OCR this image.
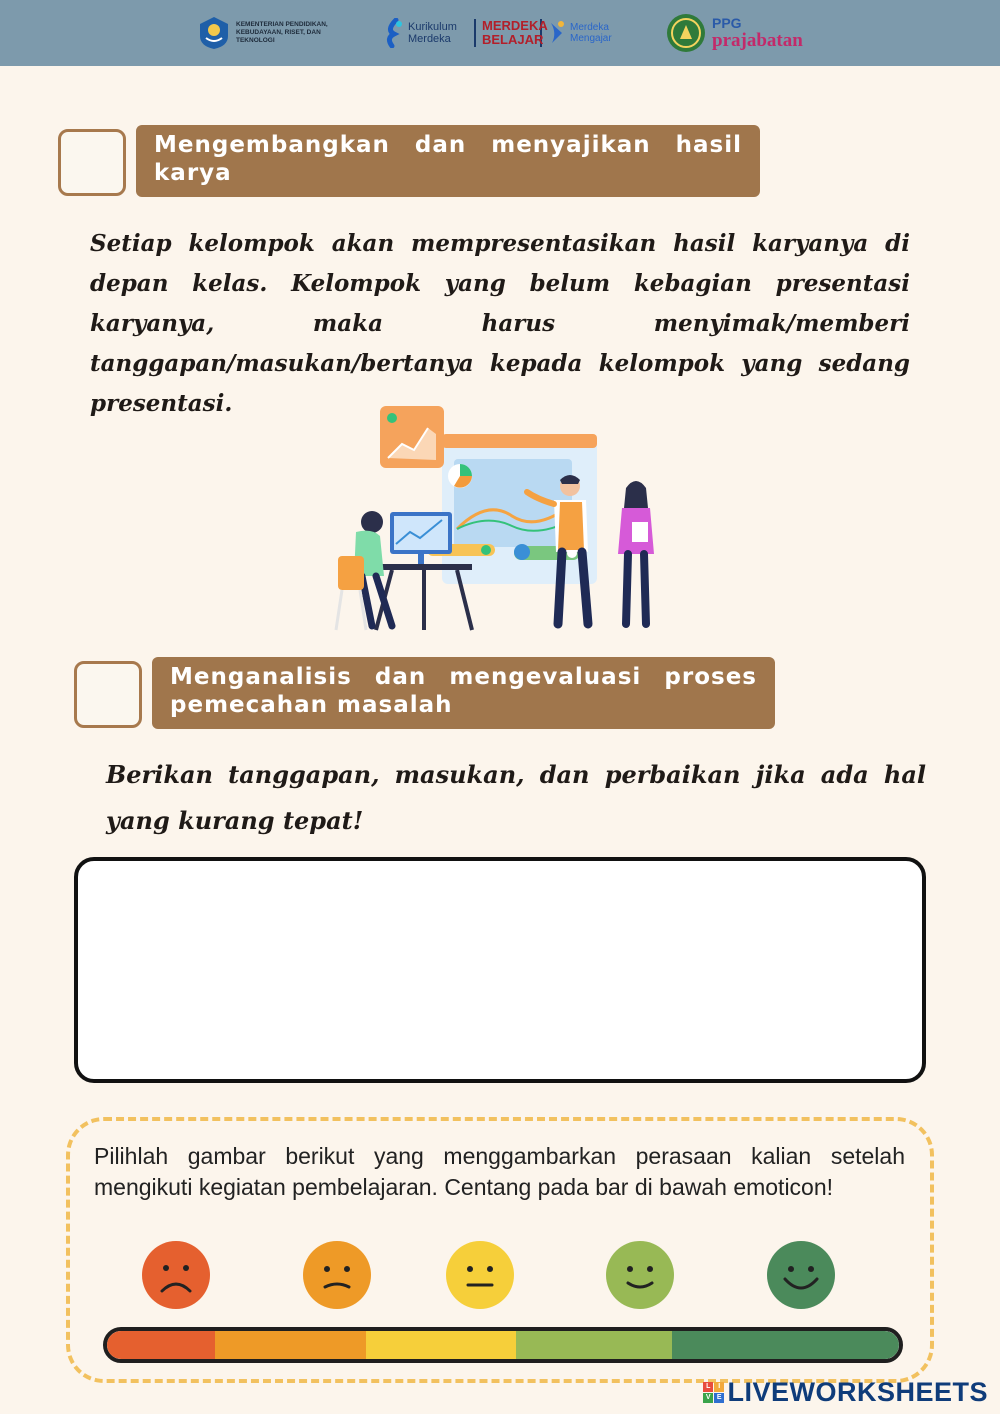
KEMENTERIAN PENDIDIKAN, KEBUDAYAAN, RISET, DAN TEKNOLOGI
Kurikulum Merdeka
MERDEKA BELAJAR
Merdeka Mengajar
PPG
prajabatan
Mengembangkan dan menyajikan hasil karya
Setiap kelompok akan mempresentasikan hasil karyanya di depan kelas. Kelompok yang belum kebagian presentasi karyanya, maka harus menyimak/memberi tanggapan/masukan/bertanya kepada kelompok yang sedang presentasi.
Menganalisis dan mengevaluasi proses pemecahan masalah
Berikan tanggapan, masukan, dan perbaikan jika ada hal yang kurang tepat!
Pilihlah gambar berikut yang menggambarkan perasaan kalian setelah mengikuti kegiatan pembelajaran. Centang pada bar di bawah emoticon!
L	I
V E LIVEWORKSHEETS
